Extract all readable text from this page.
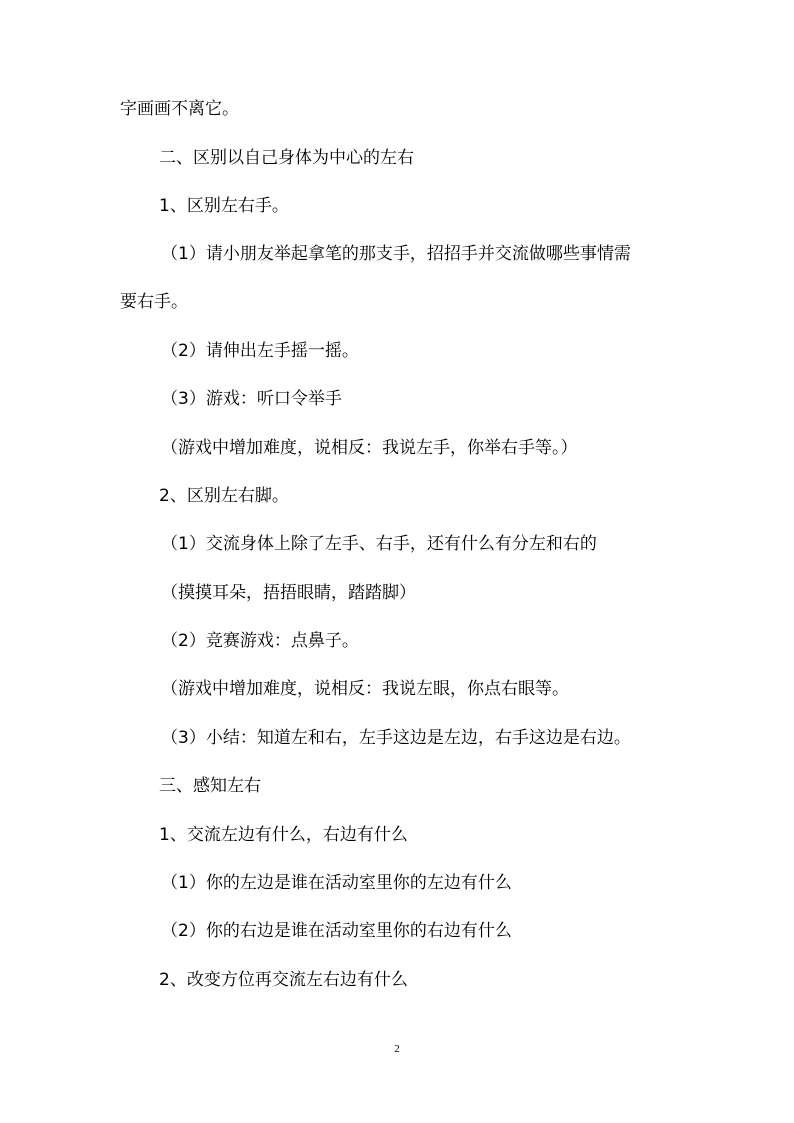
字画画不离它。
二、区别以自己身体为中心的左右
1、区别左右手。
（1）请小朋友举起拿笔的那支手，招招手并交流做哪些事情需
要右手。
（2）请伸出左手摇一摇。
（3）游戏：听口令举手
（游戏中增加难度，说相反：我说左手，你举右手等。）
2、区别左右脚。
（1）交流身体上除了左手、右手，还有什么有分左和右的
（摸摸耳朵，捂捂眼睛，踏踏脚）
（2）竞赛游戏：点鼻子。
（游戏中增加难度，说相反：我说左眼，你点右眼等。
（3）小结：知道左和右，左手这边是左边，右手这边是右边。
三、感知左右
1、交流左边有什么，右边有什么
（1）你的左边是谁在活动室里你的左边有什么
（2）你的右边是谁在活动室里你的右边有什么
2、改变方位再交流左右边有什么
2
